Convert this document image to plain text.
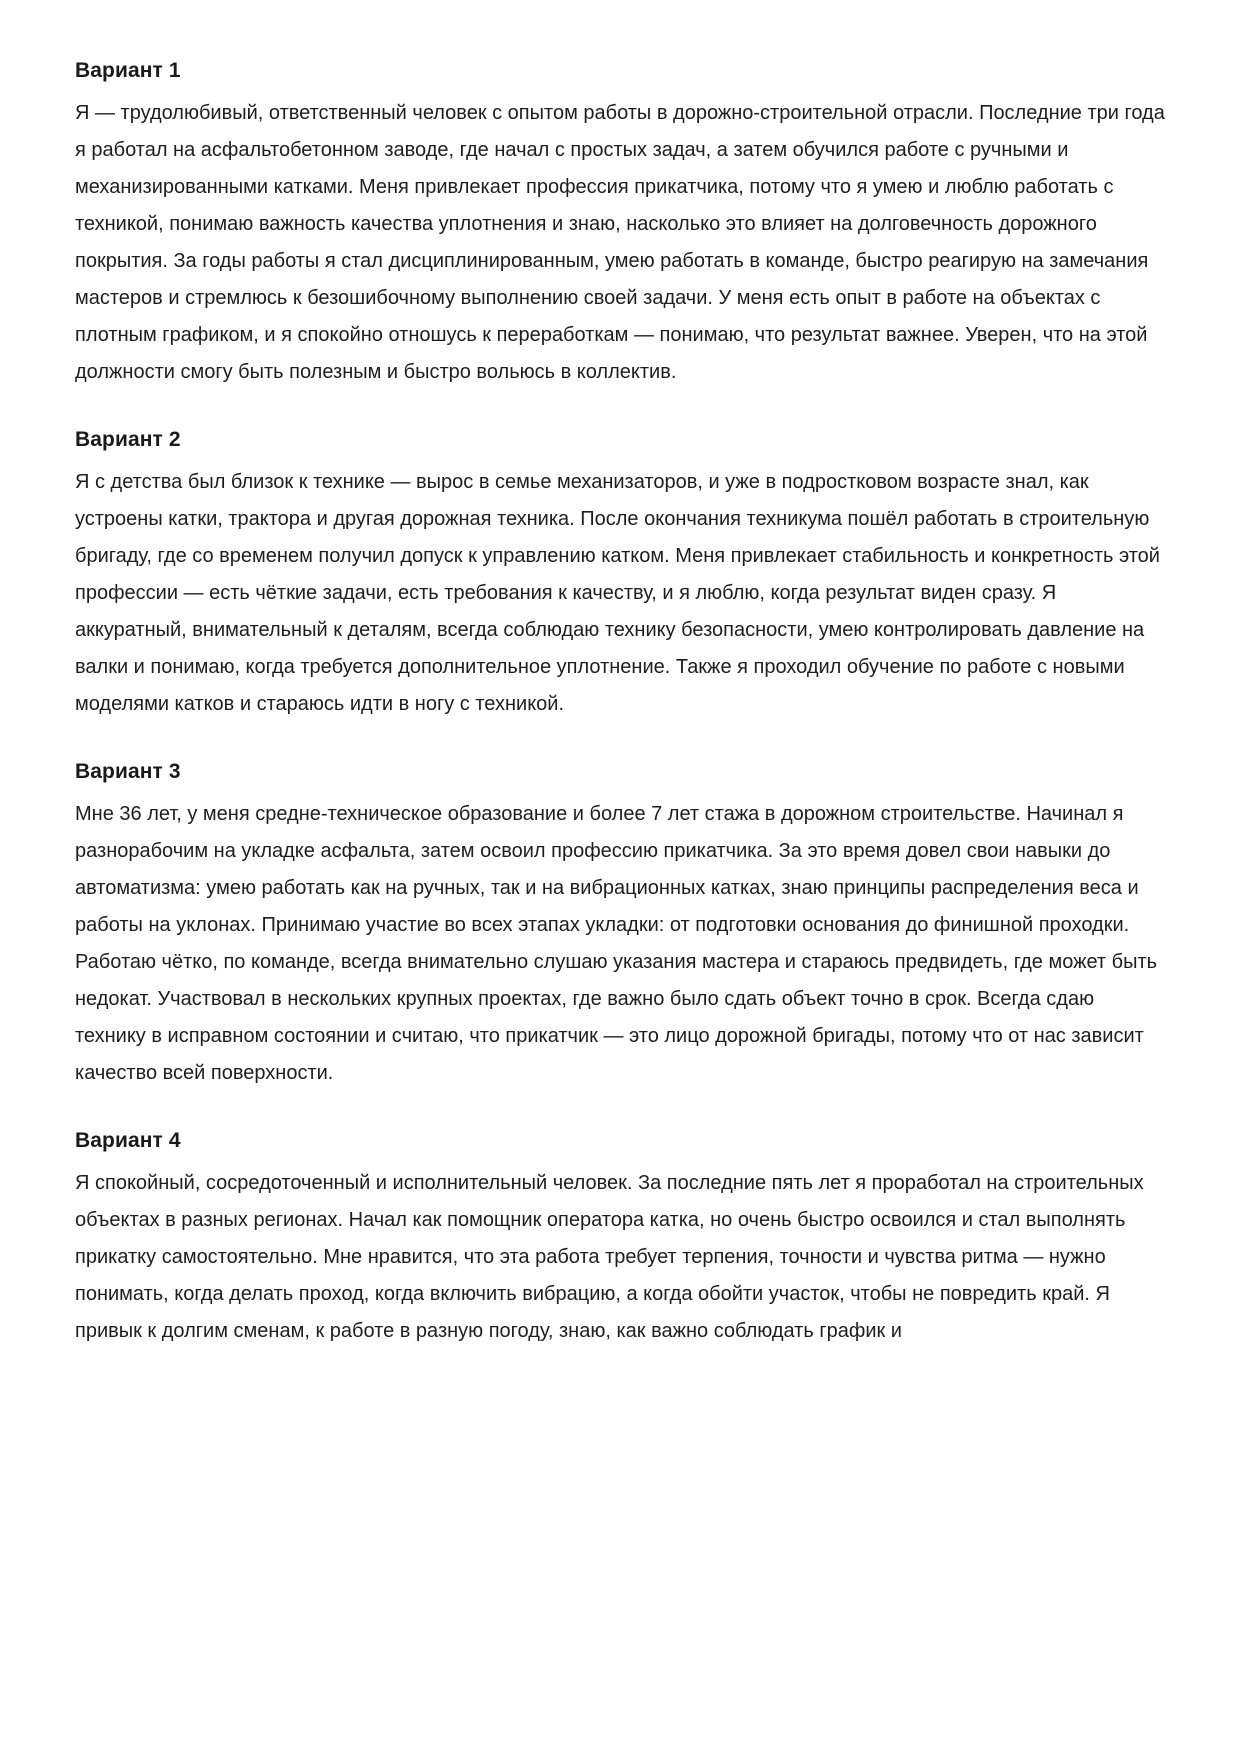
Вариант 1

Я — трудолюбивый, ответственный человек с опытом работы в дорожно-строительной отрасли. Последние три года я работал на асфальтобетонном заводе, где начал с простых задач, а затем обучился работе с ручными и механизированными катками. Меня привлекает профессия прикатчика, потому что я умею и люблю работать с техникой, понимаю важность качества уплотнения и знаю, насколько это влияет на долговечность дорожного покрытия. За годы работы я стал дисциплинированным, умею работать в команде, быстро реагирую на замечания мастеров и стремлюсь к безошибочному выполнению своей задачи. У меня есть опыт в работе на объектах с плотным графиком, и я спокойно отношусь к переработкам — понимаю, что результат важнее. Уверен, что на этой должности смогу быть полезным и быстро вольюсь в коллектив.

Вариант 2

Я с детства был близок к технике — вырос в семье механизаторов, и уже в подростковом возрасте знал, как устроены катки, трактора и другая дорожная техника. После окончания техникума пошёл работать в строительную бригаду, где со временем получил допуск к управлению катком. Меня привлекает стабильность и конкретность этой профессии — есть чёткие задачи, есть требования к качеству, и я люблю, когда результат виден сразу. Я аккуратный, внимательный к деталям, всегда соблюдаю технику безопасности, умею контролировать давление на валки и понимаю, когда требуется дополнительное уплотнение. Также я проходил обучение по работе с новыми моделями катков и стараюсь идти в ногу с техникой.

Вариант 3

Мне 36 лет, у меня средне-техническое образование и более 7 лет стажа в дорожном строительстве. Начинал я разнорабочим на укладке асфальта, затем освоил профессию прикатчика. За это время довел свои навыки до автоматизма: умею работать как на ручных, так и на вибрационных катках, знаю принципы распределения веса и работы на уклонах. Принимаю участие во всех этапах укладки: от подготовки основания до финишной проходки. Работаю чётко, по команде, всегда внимательно слушаю указания мастера и стараюсь предвидеть, где может быть недокат. Участвовал в нескольких крупных проектах, где важно было сдать объект точно в срок. Всегда сдаю технику в исправном состоянии и считаю, что прикатчик — это лицо дорожной бригады, потому что от нас зависит качество всей поверхности.

Вариант 4

Я спокойный, сосредоточенный и исполнительный человек. За последние пять лет я проработал на строительных объектах в разных регионах. Начал как помощник оператора катка, но очень быстро освоился и стал выполнять прикатку самостоятельно. Мне нравится, что эта работа требует терпения, точности и чувства ритма — нужно понимать, когда делать проход, когда включить вибрацию, а когда обойти участок, чтобы не повредить край. Я привык к долгим сменам, к работе в разную погоду, знаю, как важно соблюдать график и
